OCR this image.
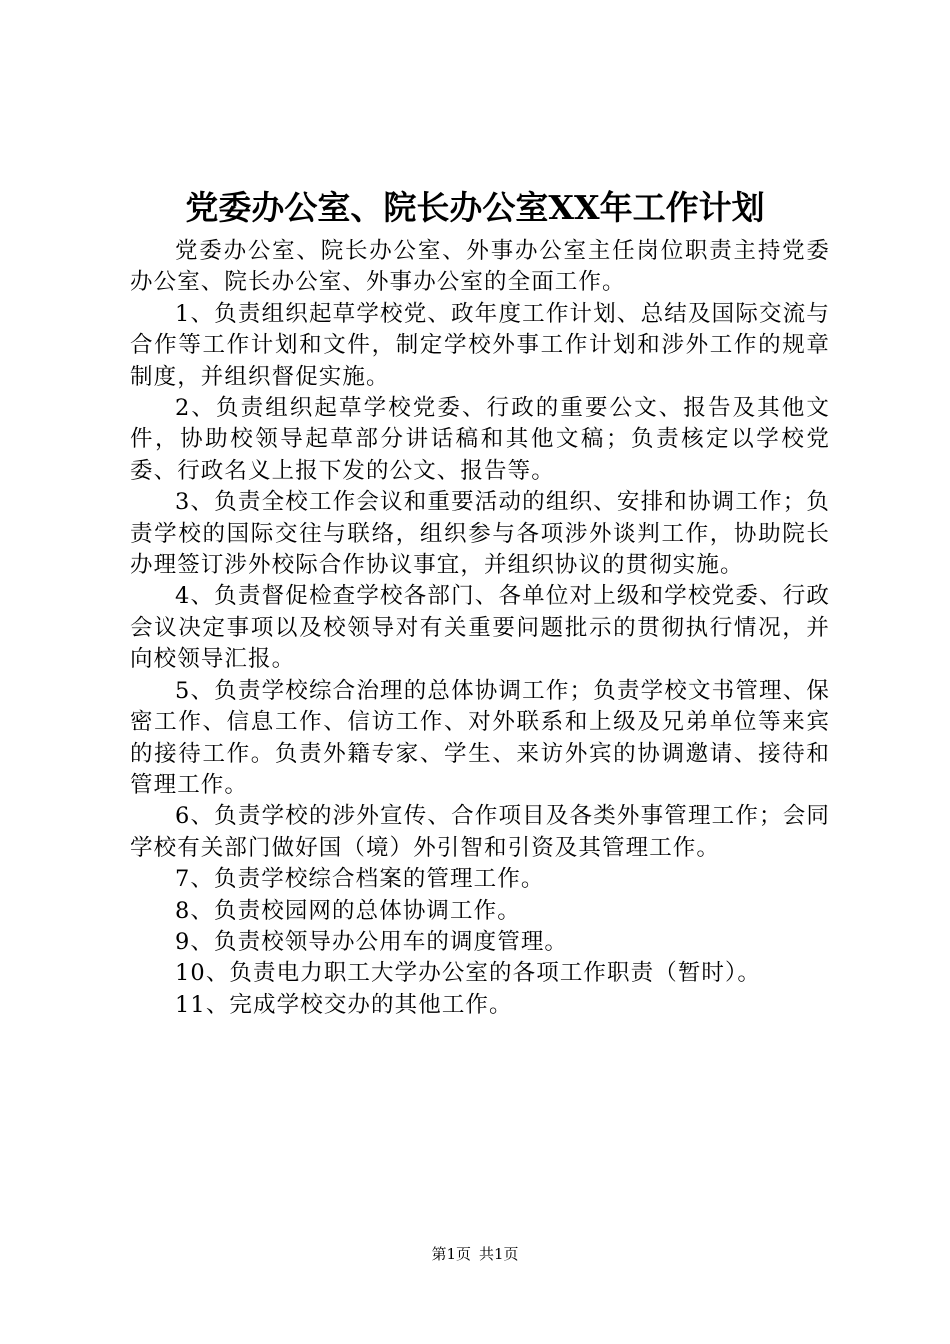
党委办公室、院长办公室XX年工作计划

党委办公室、院长办公室、外事办公室主任岗位职责主持党委办公室、院长办公室、外事办公室的全面工作。

1、负责组织起草学校党、政年度工作计划、总结及国际交流与合作等工作计划和文件，制定学校外事工作计划和涉外工作的规章制度，并组织督促实施。

2、负责组织起草学校党委、行政的重要公文、报告及其他文件，协助校领导起草部分讲话稿和其他文稿；负责核定以学校党委、行政名义上报下发的公文、报告等。

3、负责全校工作会议和重要活动的组织、安排和协调工作；负责学校的国际交往与联络，组织参与各项涉外谈判工作，协助院长办理签订涉外校际合作协议事宜，并组织协议的贯彻实施。

4、负责督促检查学校各部门、各单位对上级和学校党委、行政会议决定事项以及校领导对有关重要问题批示的贯彻执行情况，并向校领导汇报。

5、负责学校综合治理的总体协调工作；负责学校文书管理、保密工作、信息工作、信访工作、对外联系和上级及兄弟单位等来宾的接待工作。负责外籍专家、学生、来访外宾的协调邀请、接待和管理工作。

6、负责学校的涉外宣传、合作项目及各类外事管理工作；会同学校有关部门做好国（境）外引智和引资及其管理工作。

7、负责学校综合档案的管理工作。

8、负责校园网的总体协调工作。

9、负责校领导办公用车的调度管理。

10、负责电力职工大学办公室的各项工作职责（暂时）。

11、完成学校交办的其他工作。

第1页 共1页
